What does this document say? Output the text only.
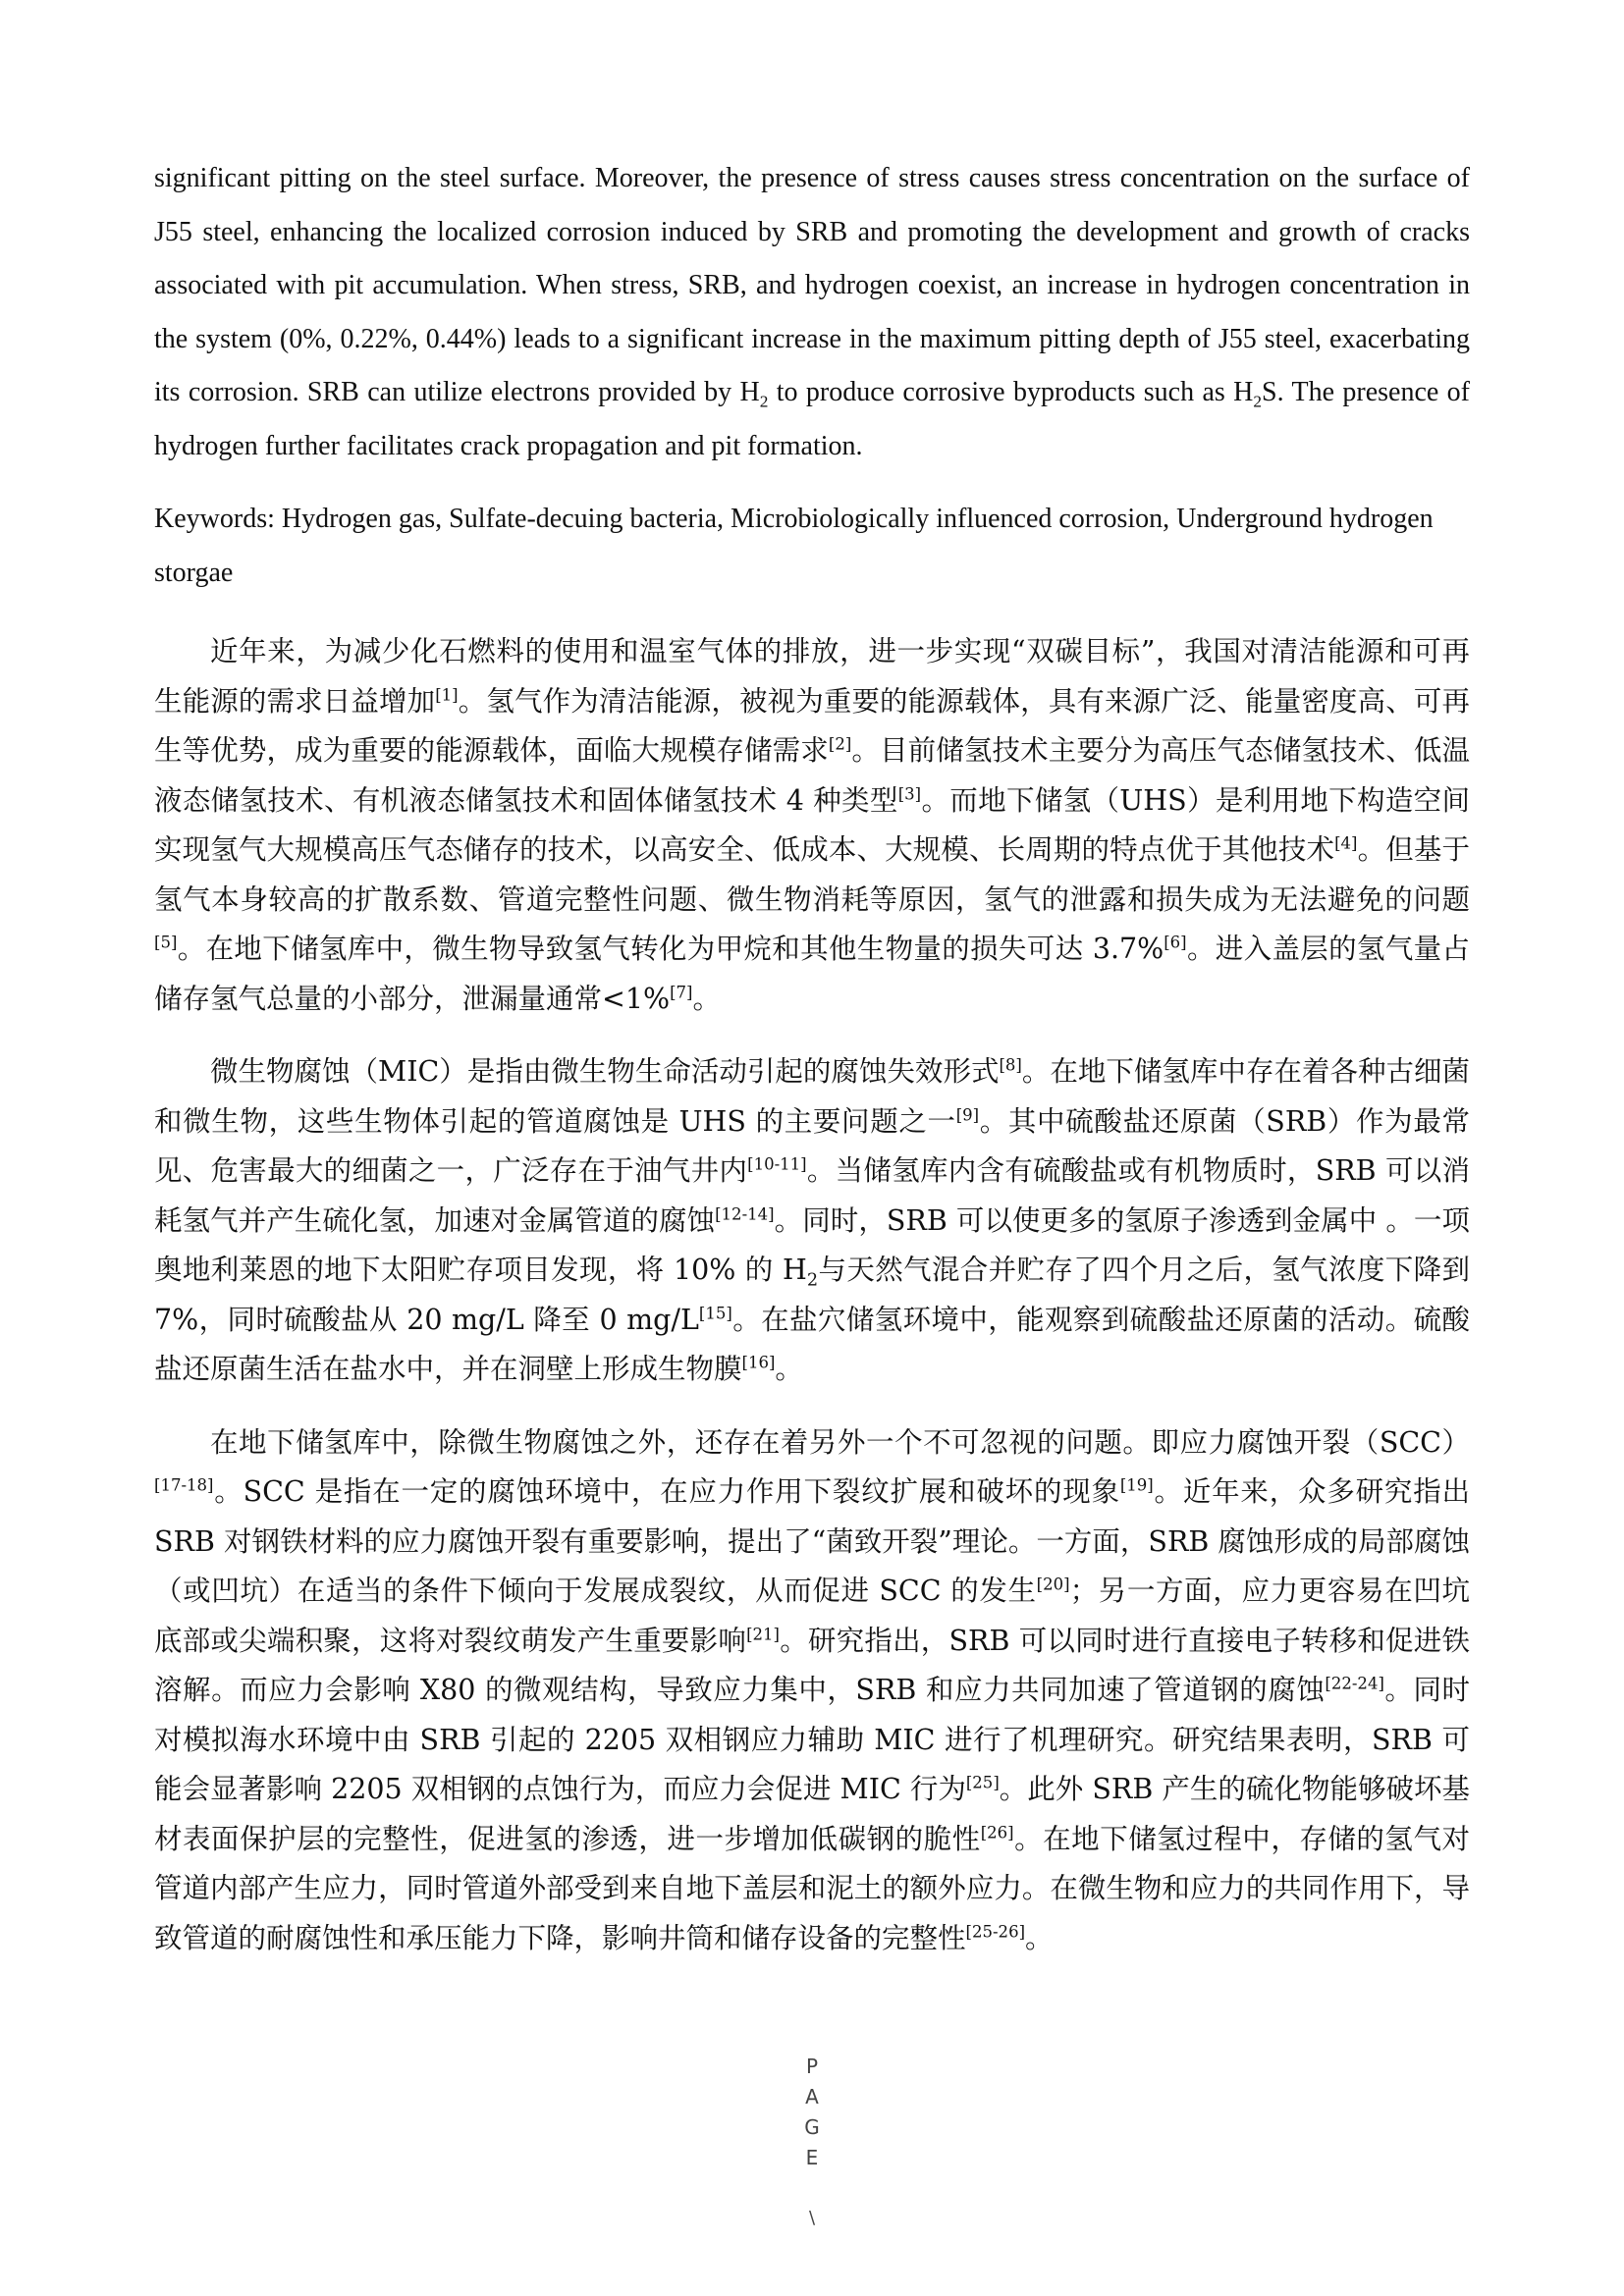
significant pitting on the steel surface. Moreover, the presence of stress causes stress concentration on the surface of J55 steel, enhancing the localized corrosion induced by SRB and promoting the development and growth of cracks associated with pit accumulation. When stress, SRB, and hydrogen coexist, an increase in hydrogen concentration in the system (0%, 0.22%, 0.44%) leads to a significant increase in the maximum pitting depth of J55 steel, exacerbating its corrosion. SRB can utilize electrons provided by $H_2$ to produce corrosive byproducts such as $H_2S$. The presence of hydrogen further facilitates crack propagation and pit formation.

Keywords: Hydrogen gas, Sulfate-decuing bacteria, Microbiologically influenced corrosion, Underground hydrogen storgae

近年来，为减少化石燃料的使用和温室气体的排放，进一步实现“双碳目标”，我国对清洁能源和可再生能源的需求日益增加[1]。氢气作为清洁能源，被视为重要的能源载体，具有来源广泛、能量密度高、可再生等优势，成为重要的能源载体，面临大规模存储需求[2]。目前储氢技术主要分为高压气态储氢技术、低温液态储氢技术、有机液态储氢技术和固体储氢技术 4 种类型[3]。而地下储氢（UHS）是利用地下构造空间实现氢气大规模高压气态储存的技术，以高安全、低成本、大规模、长周期的特点优于其他技术[4]。但基于氢气本身较高的扩散系数、管道完整性问题、微生物消耗等原因，氢气的泄露和损失成为无法避免的问题[5]。在地下储氢库中，微生物导致氢气转化为甲烷和其他生物量的损失可达 3.7%[6]。进入盖层的氢气量占储存氢气总量的小部分，泄漏量通常<1%[7]。

微生物腐蚀（MIC）是指由微生物生命活动引起的腐蚀失效形式[8]。在地下储氢库中存在着各种古细菌和微生物，这些生物体引起的管道腐蚀是 UHS 的主要问题之一[9]。其中硫酸盐还原菌（SRB）作为最常见、危害最大的细菌之一，广泛存在于油气井内[10-11]。当储氢库内含有硫酸盐或有机物质时，SRB 可以消耗氢气并产生硫化氢，加速对金属管道的腐蚀[12-14]。同时，SRB 可以使更多的氢原子渗透到金属中 。一项奥地利莱恩的地下太阳贮存项目发现，将 10% 的 $H_2$与天然气混合并贮存了四个月之后，氢气浓度下降到 7%，同时硫酸盐从 20 mg/L 降至 0 mg/L[15]。在盐穴储氢环境中，能观察到硫酸盐还原菌的活动。硫酸盐还原菌生活在盐水中，并在洞壁上形成生物膜[16]。

在地下储氢库中，除微生物腐蚀之外，还存在着另外一个不可忽视的问题。即应力腐蚀开裂（SCC）[17-18]。SCC 是指在一定的腐蚀环境中，在应力作用下裂纹扩展和破坏的现象[19]。近年来，众多研究指出 SRB 对钢铁材料的应力腐蚀开裂有重要影响，提出了“菌致开裂”理论。一方面，SRB 腐蚀形成的局部腐蚀（或凹坑）在适当的条件下倾向于发展成裂纹，从而促进 SCC 的发生[20]；另一方面，应力更容易在凹坑底部或尖端积聚，这将对裂纹萌发产生重要影响[21]。研究指出，SRB 可以同时进行直接电子转移和促进铁溶解。而应力会影响 X80 的微观结构，导致应力集中，SRB 和应力共同加速了管道钢的腐蚀[22-24]。同时对模拟海水环境中由 SRB 引起的 2205 双相钢应力辅助 MIC 进行了机理研究。研究结果表明，SRB 可能会显著影响 2205 双相钢的点蚀行为，而应力会促进 MIC 行为[25]。此外 SRB 产生的硫化物能够破坏基材表面保护层的完整性，促进氢的渗透，进一步增加低碳钢的脆性[26]。在地下储氢过程中，存储的氢气对管道内部产生应力，同时管道外部受到来自地下盖层和泥土的额外应力。在微生物和应力的共同作用下，导致管道的耐腐蚀性和承压能力下降，影响井筒和储存设备的完整性[25-26]。

P
A
G
E
\
